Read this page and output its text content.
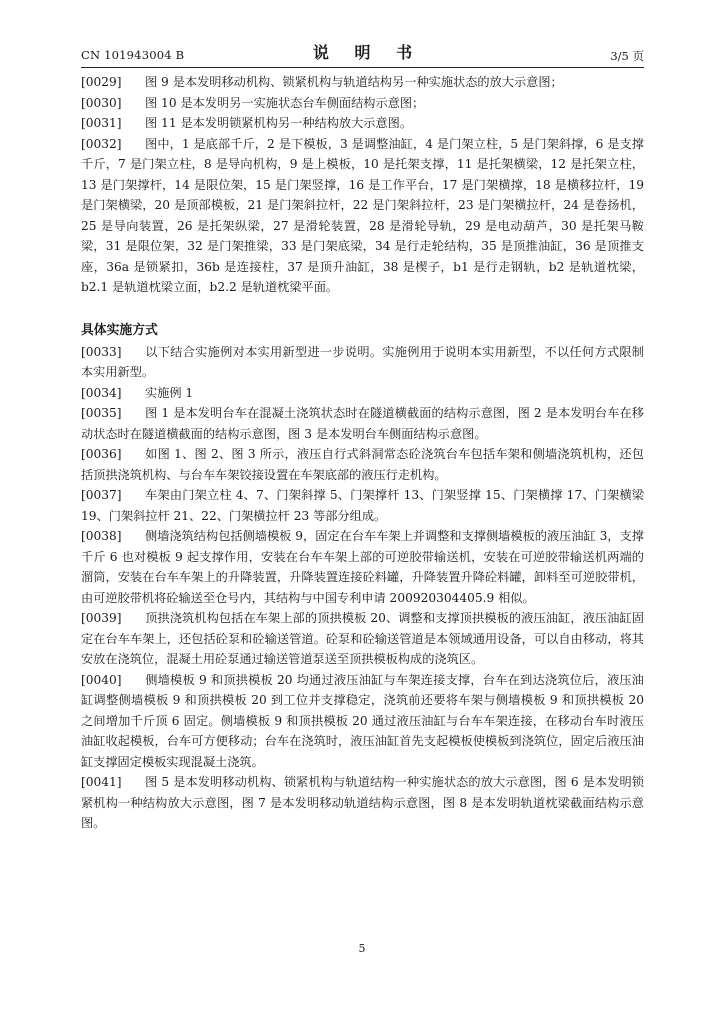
CN 101943004 B	说 明 书	3/5 页
[0029] 图 9 是本发明移动机构、锁紧机构与轨道结构另一种实施状态的放大示意图；
[0030] 图 10 是本发明另一实施状态台车侧面结构示意图；
[0031] 图 11 是本发明锁紧机构另一种结构放大示意图。
[0032] 图中，1 是底部千斤，2 是下模板，3 是调整油缸，4 是门架立柱，5 是门架斜撑，6 是支撑千斤，7 是门架立柱，8 是导向机构，9 是上模板，10 是托架支撑，11 是托架横梁，12 是托架立柱，13 是门架撑杆，14 是限位架，15 是门架竖撑，16 是工作平台，17 是门架横撑，18 是横移拉杆，19 是门架横梁，20 是顶部模板，21 是门架斜拉杆，22 是门架斜拉杆，23 是门架横拉杆，24 是卷扬机，25 是导向装置，26 是托架纵梁，27 是滑轮装置，28 是滑轮导轨，29 是电动葫芦，30 是托架马鞍梁，31 是限位架，32 是门架推梁，33 是门架底梁，34 是行走轮结构，35 是顶推油缸，36 是顶推支座，36a 是锁紧扣，36b 是连接柱，37 是顶升油缸，38 是楔子，b1 是行走钢轨，b2 是轨道枕梁，b2.1 是轨道枕梁立面，b2.2 是轨道枕梁平面。
具体实施方式
[0033] 以下结合实施例对本实用新型进一步说明。实施例用于说明本实用新型，不以任何方式限制本实用新型。
[0034] 实施例 1
[0035] 图 1 是本发明台车在混凝土浇筑状态时在隧道横截面的结构示意图，图 2 是本发明台车在移动状态时在隧道横截面的结构示意图，图 3 是本发明台车侧面结构示意图。
[0036] 如图 1、图 2、图 3 所示，液压自行式斜洞常态砼浇筑台车包括车架和侧墙浇筑机构，还包括顶拱浇筑机构、与台车车架铰接设置在车架底部的液压行走机构。
[0037] 车架由门架立柱 4、7、门架斜撑 5、门架撑杆 13、门架竖撑 15、门架横撑 17、门架横梁 19、门架斜拉杆 21、22、门架横拉杆 23 等部分组成。
[0038] 侧墙浇筑结构包括侧墙模板 9，固定在台车车架上并调整和支撑侧墙模板的液压油缸 3，支撑千斤 6 也对模板 9 起支撑作用，安装在台车车架上部的可逆胶带输送机，安装在可逆胶带输送机两端的溜筒，安装在台车车架上的升降装置，升降装置连接砼料罐，升降装置升降砼料罐，卸料至可逆胶带机，由可逆胶带机将砼输送至仓号内，其结构与中国专利申请 200920304405.9 相似。
[0039] 顶拱浇筑机构包括在车架上部的顶拱模板 20、调整和支撑顶拱模板的液压油缸，液压油缸固定在台车车架上，还包括砼泵和砼输送管道。砼泵和砼输送管道是本领域通用设备，可以自由移动，将其安放在浇筑位，混凝土用砼泵通过输送管道泵送至顶拱模板构成的浇筑区。
[0040] 侧墙模板 9 和顶拱模板 20 均通过液压油缸与车架连接支撑，台车在到达浇筑位后，液压油缸调整侧墙模板 9 和顶拱模板 20 到工位并支撑稳定，浇筑前还要将车架与侧墙模板 9 和顶拱模板 20 之间增加千斤顶 6 固定。侧墙模板 9 和顶拱模板 20 通过液压油缸与台车车架连接，在移动台车时液压油缸收起模板，台车可方便移动；台车在浇筑时，液压油缸首先支起模板使模板到浇筑位，固定后液压油缸支撑固定模板实现混凝土浇筑。
[0041] 图 5 是本发明移动机构、锁紧机构与轨道结构一种实施状态的放大示意图，图 6 是本发明锁紧机构一种结构放大示意图，图 7 是本发明移动轨道结构示意图，图 8 是本发明轨道枕梁截面结构示意图。
5
